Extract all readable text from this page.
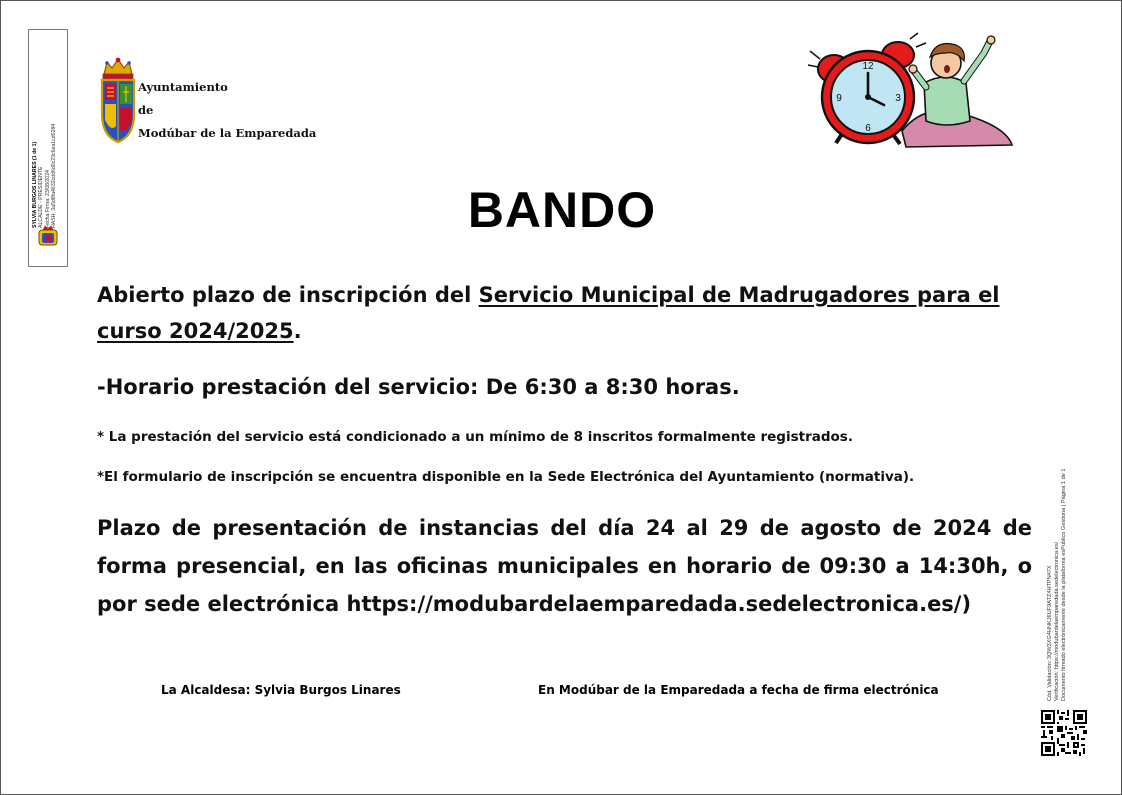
SYLVIA BURGOS LINARES (1 de 1) ALCALDE - PRESIDENTE Fecha Firma: 23/08/2024 HASH: 3a5d8fa4632cdd6d0c23c6ea1cd0284
Ayuntamiento
de
Modúbar de la Emparedada
12
3
6
9
BANDO
Abierto plazo de inscripción del Servicio Municipal de Madrugadores para el curso 2024/2025.
-Horario prestación del servicio: De 6:30 a 8:30 horas.
* La prestación del servicio está condicionado a un mínimo de 8 inscritos formalmente registrados.
*El formulario de inscripción se encuentra disponible en la Sede Electrónica del Ayuntamiento (normativa).
Plazo de presentación de instancias del día 24 al 29 de agosto de 2024 de forma presencial, en las oficinas municipales en horario de 09:30 a 14:30h, o por sede electrónica https://modubardelaemparedada.sedelectronica.es/)
La Alcaldesa: Sylvia Burgos Linares	En Modúbar de la Emparedada a fecha de firma electrónica	Cód. Validación: 3QW3XG4HNKJ6UF9ATZ4HTPN47X Verificación: https://modubardelaemparedada.sedelectronica.es/ Documento firmado electrónicamente desde la plataforma esPublico Gestiona | Página 1 de 1
